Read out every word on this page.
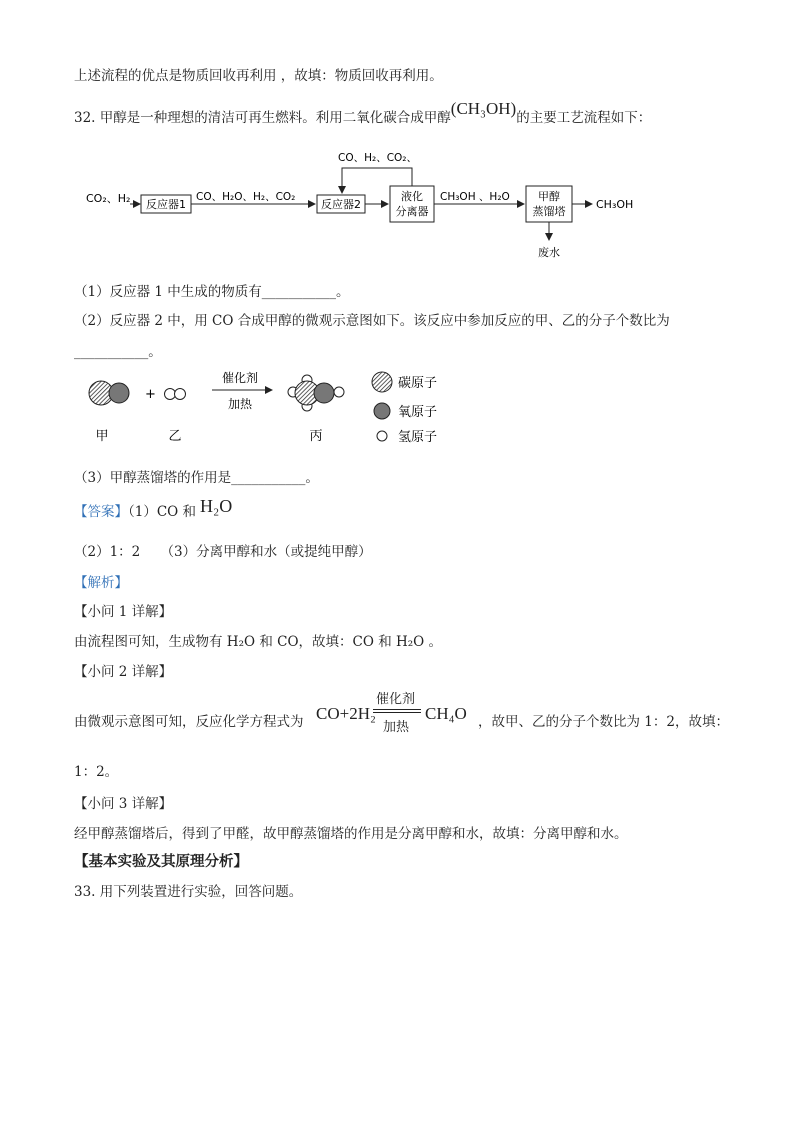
上述流程的优点是物质回收再利用 ，故填：物质回收再利用。
32. 甲醇是一种理想的清洁可再生燃料。利用二氧化碳合成甲醇(CH₃OH)的主要工艺流程如下：
CO₂、H₂ 反应器1
CO、H₂O、H₂、CO₂
反应器2
液化
分离器
CO、H₂、CO₂、
CH₃OH 、H₂O	甲醇
蒸馏塔
CH₃OH
废水
（1）反应器 1 中生成的物质有___________。
（2）反应器 2 中，用 CO 合成甲醇的微观示意图如下。该反应中参加反应的甲、乙的分子个数比为
___________。
+
催化剂
加热
碳原子
氧原子
氢原子
甲	乙	丙
（3）甲醇蒸馏塔的作用是___________。
【答案】（1）CO 和 H₂O
（2）1：2　　（3）分离甲醇和水（或提纯甲醇）
【解析】
【小问 1 详解】
由流程图可知，生成物有 H₂O 和 CO，故填：CO 和 H₂O 。
【小问 2 详解】
由微观示意图可知，反应化学方程式为 CO+2H₂
催化剂
加热
CH₄O ，故甲、乙的分子个数比为 1：2，故填：
1：2。
【小问 3 详解】
经甲醇蒸馏塔后，得到了甲醛，故甲醇蒸馏塔的作用是分离甲醇和水，故填：分离甲醇和水。
【基本实验及其原理分析】
33. 用下列装置进行实验，回答问题。
